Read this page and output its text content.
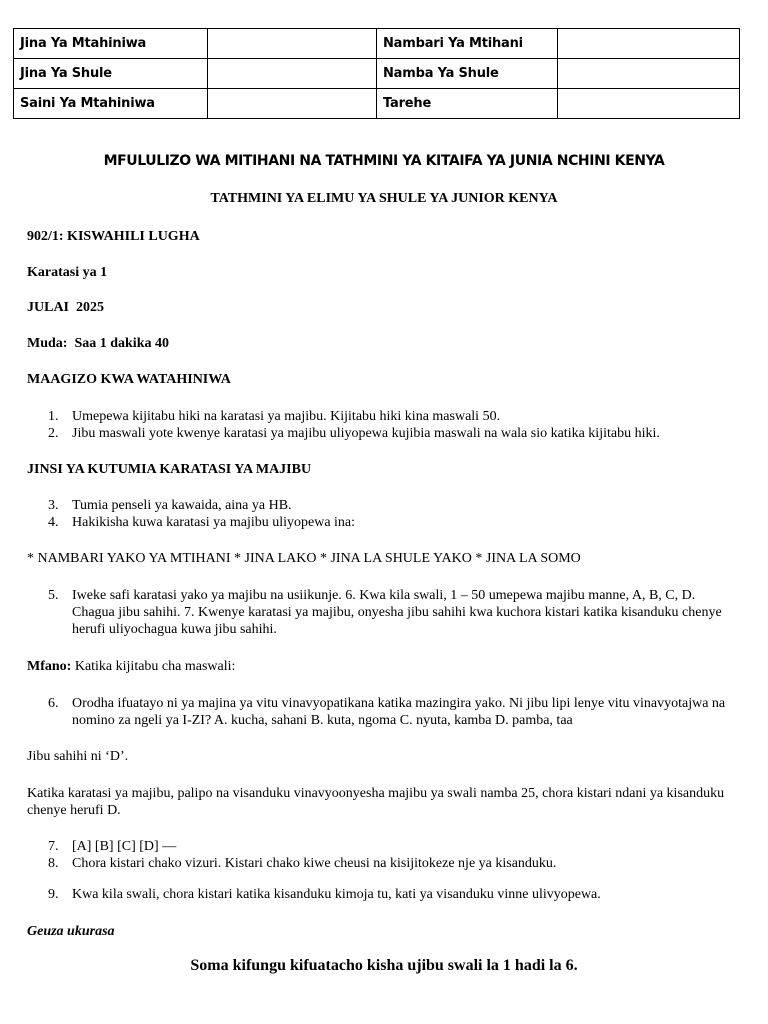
Jina Ya Mtahiniwa		Nambari Ya Mtihani	
Jina Ya Shule		Namba Ya Shule	
Saini Ya Mtahiniwa		Tarehe	
MFULULIZO WA MITIHANI NA TATHMINI YA KITAIFA YA JUNIA NCHINI KENYA
TATHMINI YA ELIMU YA SHULE YA JUNIOR KENYA
902/1: KISWAHILI LUGHA
Karatasi ya 1
JULAI  2025
Muda:  Saa 1 dakika 40
MAAGIZO KWA WATAHINIWA
1. Umepewa kijitabu hiki na karatasi ya majibu. Kijitabu hiki kina maswali 50.
2. Jibu maswali yote kwenye karatasi ya majibu uliyopewa kujibia maswali na wala sio katika kijitabu hiki.
JINSI YA KUTUMIA KARATASI YA MAJIBU
3. Tumia penseli ya kawaida, aina ya HB.
4. Hakikisha kuwa karatasi ya majibu uliyopewa ina:
* NAMBARI YAKO YA MTIHANI * JINA LAKO * JINA LA SHULE YAKO * JINA LA SOMO
5. Iweke safi karatasi yako ya majibu na usiikunje. 6. Kwa kila swali, 1 – 50 umepewa majibu manne, A, B, C, D. Chagua jibu sahihi. 7. Kwenye karatasi ya majibu, onyesha jibu sahihi kwa kuchora kistari katika kisanduku chenye herufi uliyochagua kuwa jibu sahihi.
Mfano: Katika kijitabu cha maswali:
6. Orodha ifuatayo ni ya majina ya vitu vinavyopatikana katika mazingira yako. Ni jibu lipi lenye vitu vinavyotajwa na nomino za ngeli ya I-ZI? A. kucha, sahani B. kuta, ngoma C. nyuta, kamba D. pamba, taa
Jibu sahihi ni ‘D’.
Katika karatasi ya majibu, palipo na visanduku vinavyoonyesha majibu ya swali namba 25, chora kistari ndani ya kisanduku chenye herufi D.
7. [A] [B] [C] [D] —
8. Chora kistari chako vizuri. Kistari chako kiwe cheusi na kisijitokeze nje ya kisanduku.
9. Kwa kila swali, chora kistari katika kisanduku kimoja tu, kati ya visanduku vinne ulivyopewa.
Geuza ukurasa
Soma kifungu kifuatacho kisha ujibu swali la 1 hadi la 6.
